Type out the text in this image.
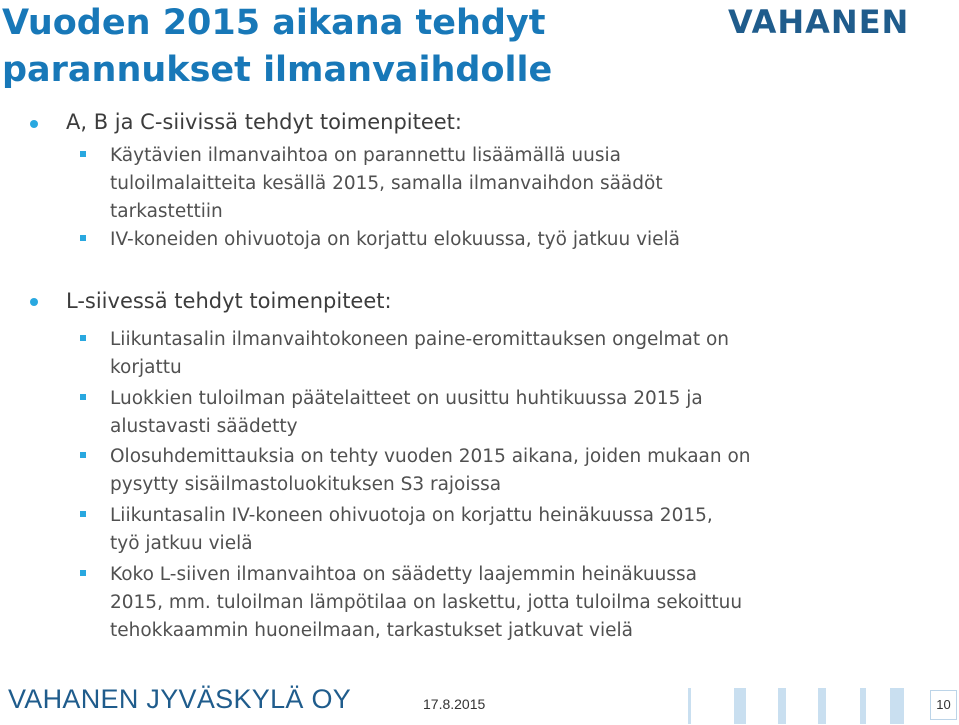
Vuoden 2015 aikana tehdyt
parannukset ilmanvaihdolle
VAHANEN
A, B ja C-siivissä tehdyt toimenpiteet:
Käytävien ilmanvaihtoa on parannettu lisäämällä uusia
tuloilmalaitteita kesällä 2015, samalla ilmanvaihdon säädöt
tarkastettiin
IV-koneiden ohivuotoja on korjattu elokuussa, työ jatkuu vielä
L-siivessä tehdyt toimenpiteet:
Liikuntasalin ilmanvaihtokoneen paine-eromittauksen ongelmat on
korjattu
Luokkien tuloilman päätelaitteet on uusittu huhtikuussa 2015 ja
alustavasti säädetty
Olosuhdemittauksia on tehty vuoden 2015 aikana, joiden mukaan on
pysytty sisäilmastoluokituksen S3 rajoissa
Liikuntasalin IV-koneen ohivuotoja on korjattu heinäkuussa 2015,
työ jatkuu vielä
Koko L-siiven ilmanvaihtoa on säädetty laajemmin heinäkuussa
2015, mm. tuloilman lämpötilaa on laskettu, jotta tuloilma sekoittuu
tehokkaammin huoneilmaan, tarkastukset jatkuvat vielä
VAHANEN JYVÄSKYLÄ OY	17.8.2015	10
